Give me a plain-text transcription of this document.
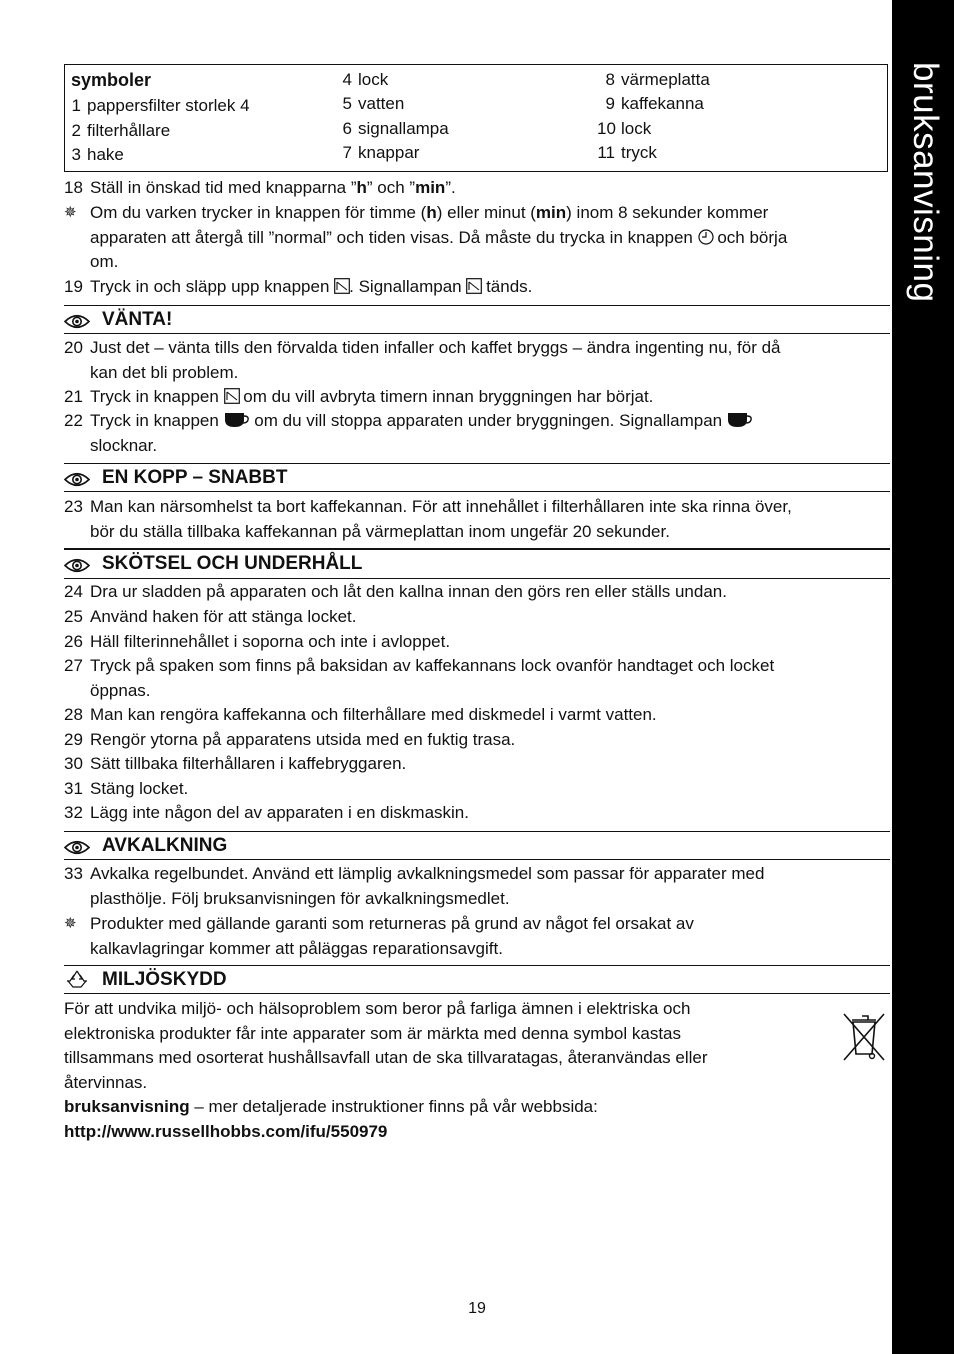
bruksanvisning
symboler
1 pappersfilter storlek 4
2 filterhållare
3 hake
4 lock
5 vatten
6 signallampa
7 knappar
8 värmeplatta
9 kaffekanna
10 lock
11 tryck
18 Ställ in önskad tid med knapparna ”h” och ”min”.
✵ Om du varken trycker in knappen för timme (h) eller minut (min) inom 8 sekunder kommer
apparaten att återgå till ”normal” och tiden visas. Då måste du trycka in knappen och börja
om.
19 Tryck in och släpp upp knappen . Signallampan tänds.
VÄNTA!
20 Just det – vänta tills den förvalda tiden infaller och kaffet bryggs – ändra ingenting nu, för då
kan det bli problem.
21 Tryck in knappen om du vill avbryta timern innan bryggningen har börjat.
22 Tryck in knappen om du vill stoppa apparaten under bryggningen. Signallampan
slocknar.
EN KOPP – SNABBT
23 Man kan närsomhelst ta bort kaffekannan. För att innehållet i filterhållaren inte ska rinna över,
bör du ställa tillbaka kaffekannan på värmeplattan inom ungefär 20 sekunder.
SKÖTSEL OCH UNDERHÅLL
24 Dra ur sladden på apparaten och låt den kallna innan den görs ren eller ställs undan.
25 Använd haken för att stänga locket.
26 Häll filterinnehållet i soporna och inte i avloppet.
27 Tryck på spaken som finns på baksidan av kaffekannans lock ovanför handtaget och locket
öppnas.
28 Man kan rengöra kaffekanna och filterhållare med diskmedel i varmt vatten.
29 Rengör ytorna på apparatens utsida med en fuktig trasa.
30 Sätt tillbaka filterhållaren i kaffebryggaren.
31 Stäng locket.
32 Lägg inte någon del av apparaten i en diskmaskin.
AVKALKNING
33 Avkalka regelbundet. Använd ett lämplig avkalkningsmedel som passar för apparater med
plasthölje. Följ bruksanvisningen för avkalkningsmedlet.
✵ Produkter med gällande garanti som returneras på grund av något fel orsakat av
kalkavlagringar kommer att påläggas reparationsavgift.
MILJÖSKYDD
För att undvika miljö- och hälsoproblem som beror på farliga ämnen i elektriska och
elektroniska produkter får inte apparater som är märkta med denna symbol kastas
tillsammans med osorterat hushållsavfall utan de ska tillvaratagas, återanvändas eller
återvinnas.
bruksanvisning – mer detaljerade instruktioner finns på vår webbsida:
http://www.russellhobbs.com/ifu/550979
19
